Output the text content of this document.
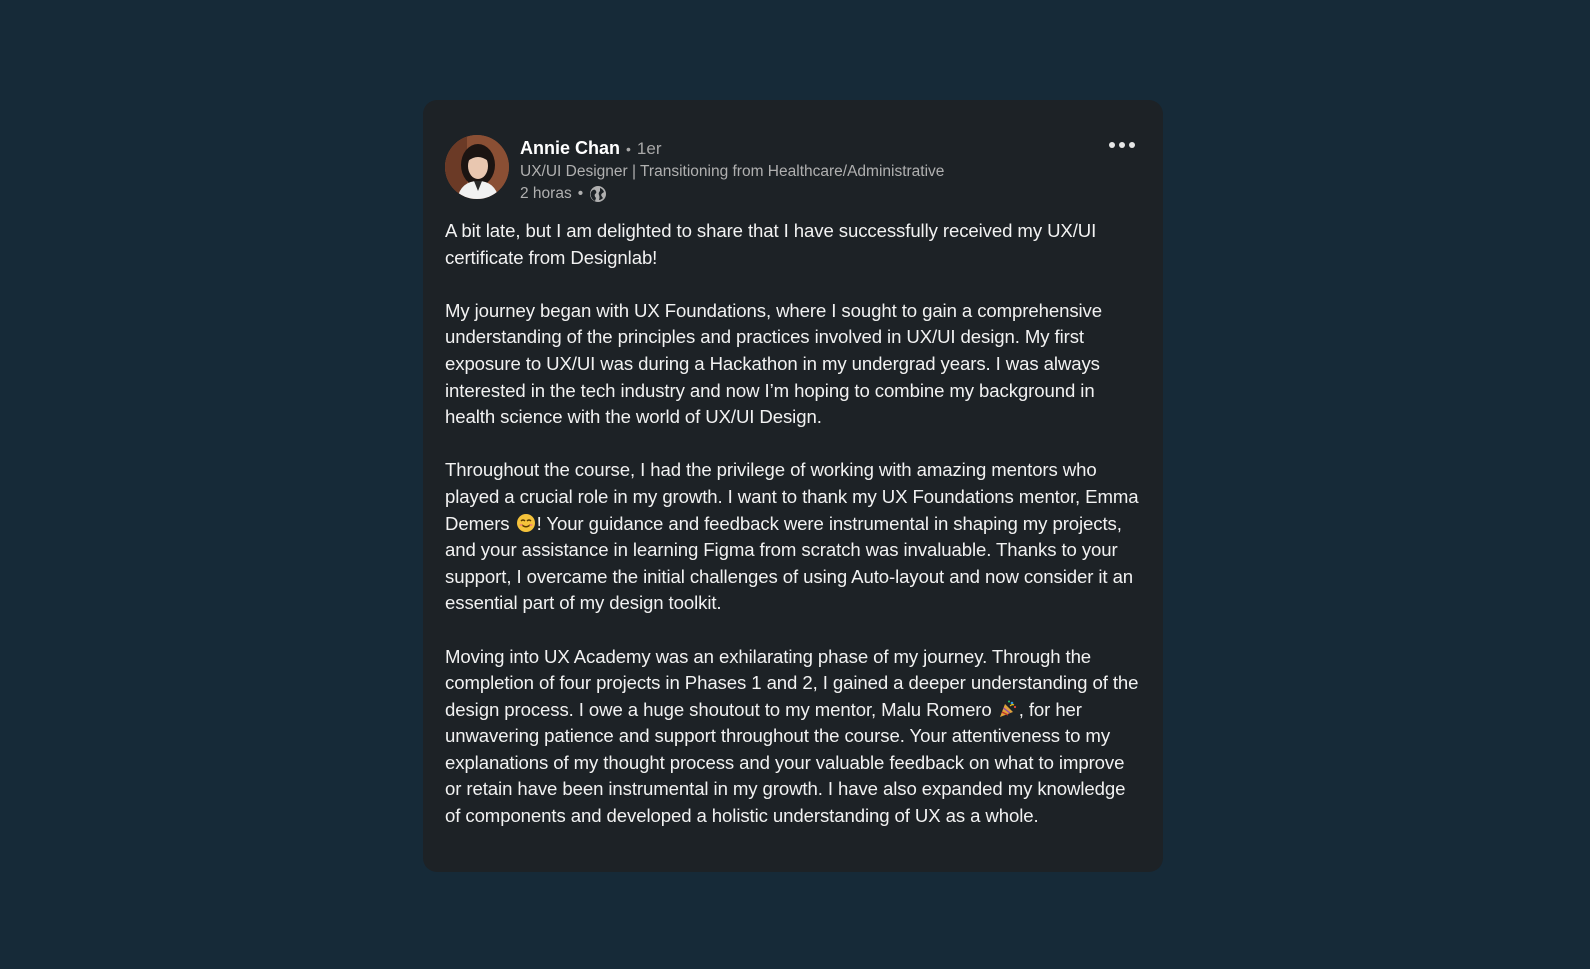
Annie Chan • 1er
UX/UI Designer | Transitioning from Healthcare/Administrative
2 horas •

A bit late, but I am delighted to share that I have successfully received my UX/UI certificate from Designlab!

My journey began with UX Foundations, where I sought to gain a comprehensive understanding of the principles and practices involved in UX/UI design. My first exposure to UX/UI was during a Hackathon in my undergrad years. I was always interested in the tech industry and now I’m hoping to combine my background in health science with the world of UX/UI Design.

Throughout the course, I had the privilege of working with amazing mentors who played a crucial role in my growth. I want to thank my UX Foundations mentor, Emma Demers ! Your guidance and feedback were instrumental in shaping my projects, and your assistance in learning Figma from scratch was invaluable. Thanks to your support, I overcame the initial challenges of using Auto-layout and now consider it an essential part of my design toolkit.

Moving into UX Academy was an exhilarating phase of my journey. Through the completion of four projects in Phases 1 and 2, I gained a deeper understanding of the design process. I owe a huge shoutout to my mentor, Malu Romero , for her unwavering patience and support throughout the course. Your attentiveness to my explanations of my thought process and your valuable feedback on what to improve or retain have been instrumental in my growth. I have also expanded my knowledge of components and developed a holistic understanding of UX as a whole.
